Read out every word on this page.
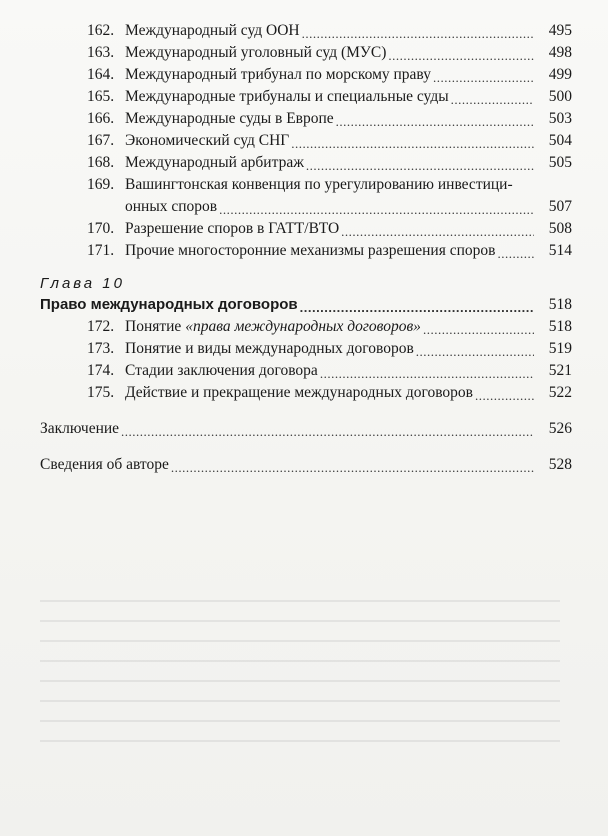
162. Международный суд ООН .....	495
163. Международный уголовный суд (МУС) .....	498
164. Международный трибунал по морскому праву .....	499
165. Международные трибуналы и специальные суды .....	500
166. Международные суды в Европе .....	503
167. Экономический суд СНГ .....	504
168. Международный арбитраж .....	505
169. Вашингтонская конвенция по урегулированию инвестици-
онных споров .....	507
170. Разрешение споров в ГАТТ/ВТО .....	508
171. Прочие многосторонние механизмы разрешения споров .....	514
Глава 10
Право международных договоров .....	518
172. Понятие «права международных договоров» .....	518
173. Понятие и виды международных договоров .....	519
174. Стадии заключения договора .....	521
175. Действие и прекращение международных договоров .....	522
Заключение .....	526
Сведения об авторе .....	528
